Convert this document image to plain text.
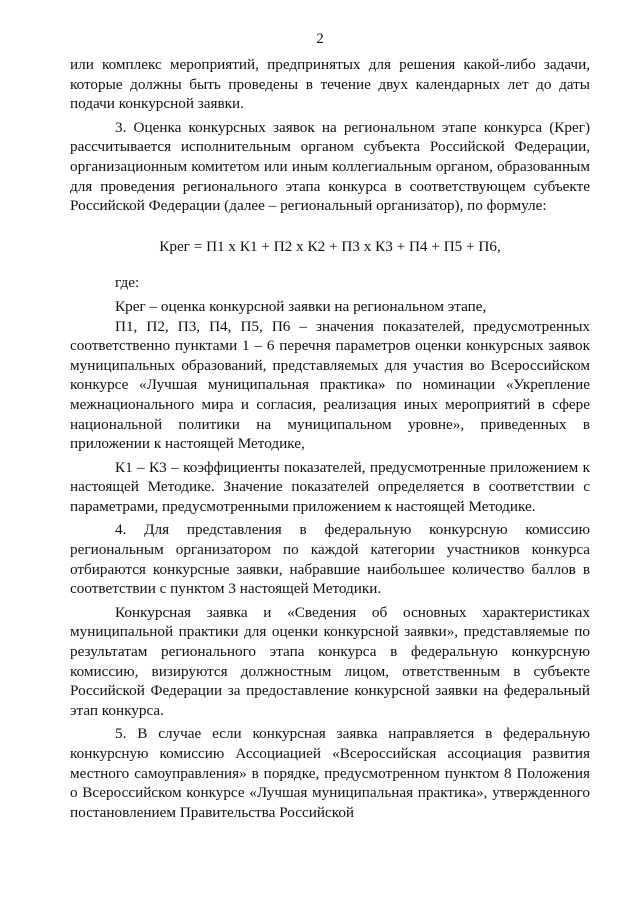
2

или комплекс мероприятий, предпринятых для решения какой-либо задачи, которые должны быть проведены в течение двух календарных лет до даты подачи конкурсной заявки.

3. Оценка конкурсных заявок на региональном этапе конкурса (Крег) рассчитывается исполнительным органом субъекта Российской Федерации, организационным комитетом или иным коллегиальным органом, образованным для проведения регионального этапа конкурса в соответствующем субъекте Российской Федерации (далее – региональный организатор), по формуле:

Крег = П1 х К1 + П2 х К2 + П3 х К3 + П4 + П5 + П6,

где:

Крег – оценка конкурсной заявки на региональном этапе,

П1, П2, П3, П4, П5, П6 – значения показателей, предусмотренных соответственно пунктами 1 – 6 перечня параметров оценки конкурсных заявок муниципальных образований, представляемых для участия во Всероссийском конкурсе «Лучшая муниципальная практика» по номинации «Укрепление межнационального мира и согласия, реализация иных мероприятий в сфере национальной политики на муниципальном уровне», приведенных в приложении к настоящей Методике,

К1 – К3 – коэффициенты показателей, предусмотренные приложением к настоящей Методике. Значение показателей определяется в соответствии с параметрами, предусмотренными приложением к настоящей Методике.

4. Для представления в федеральную конкурсную комиссию региональным организатором по каждой категории участников конкурса отбираются конкурсные заявки, набравшие наибольшее количество баллов в соответствии с пунктом 3 настоящей Методики.

Конкурсная заявка и «Сведения об основных характеристиках муниципальной практики для оценки конкурсной заявки», представляемые по результатам регионального этапа конкурса в федеральную конкурсную комиссию, визируются должностным лицом, ответственным в субъекте Российской Федерации за предоставление конкурсной заявки на федеральный этап конкурса.

5. В случае если конкурсная заявка направляется в федеральную конкурсную комиссию Ассоциацией «Всероссийская ассоциация развития местного самоуправления» в порядке, предусмотренном пунктом 8 Положения о Всероссийском конкурсе «Лучшая муниципальная практика», утвержденного постановлением Правительства Российской
